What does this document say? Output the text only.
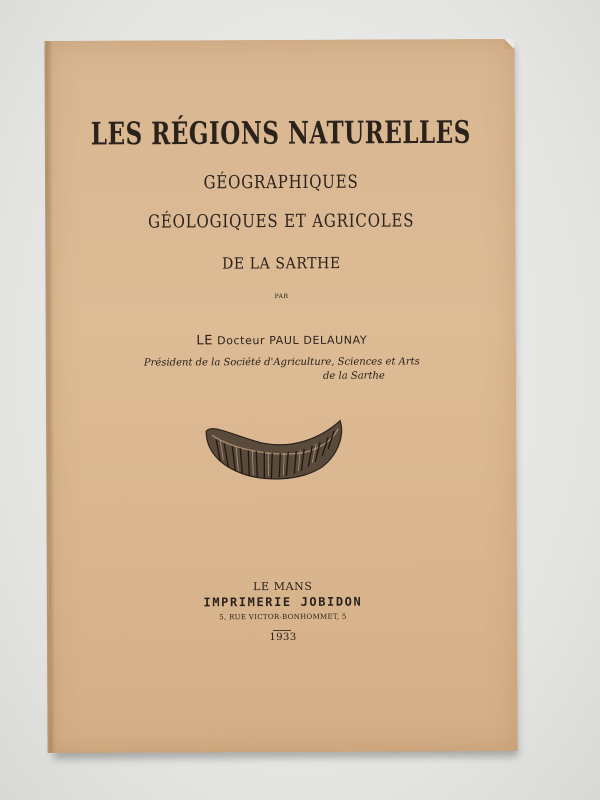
LES RÉGIONS NATURELLES
GÉOGRAPHIQUES
GÉOLOGIQUES ET AGRICOLES
DE LA SARTHE
PAR
LE Docteur PAUL DELAUNAY
Président de la Société d'Agriculture, Sciences et Arts
de la Sarthe
LE MANS
IMPRIMERIE JOBIDON
5, RUE VICTOR-BONHOMMET, 5
1933
